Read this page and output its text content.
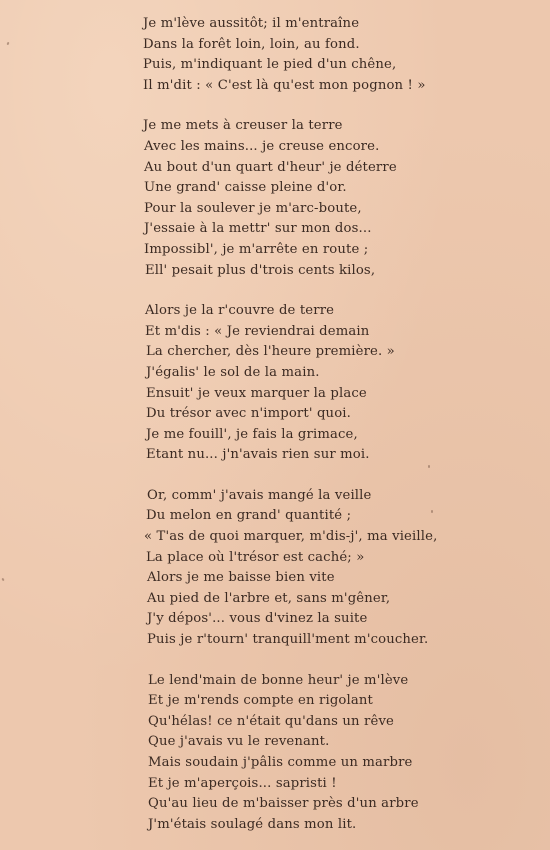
Je m'lève aussitôt; il m'entraîne
Dans la forêt loin, loin, au fond.
Puis, m'indiquant le pied d'un chêne,
Il m'dit : « C'est là qu'est mon pognon ! »
Je me mets à creuser la terre
Avec les mains... je creuse encore.
Au bout d'un quart d'heur' je déterre
Une grand' caisse pleine d'or.
Pour la soulever je m'arc-boute,
J'essaie à la mettr' sur mon dos...
Impossibl', je m'arrête en route ;
Ell' pesait plus d'trois cents kilos,
Alors je la r'couvre de terre
Et m'dis : « Je reviendrai demain
La chercher, dès l'heure première. »
J'égalis' le sol de la main.
Ensuit' je veux marquer la place
Du trésor avec n'import' quoi.
Je me fouill', je fais la grimace,
Etant nu... j'n'avais rien sur moi.
Or, comm' j'avais mangé la veille
Du melon en grand' quantité ;
« T'as de quoi marquer, m'dis-j', ma vieille,
La place où l'trésor est caché; »
Alors je me baisse bien vite
Au pied de l'arbre et, sans m'gêner,
J'y dépos'... vous d'vinez la suite
Puis je r'tourn' tranquill'ment m'coucher.
Le lend'main de bonne heur' je m'lève
Et je m'rends compte en rigolant
Qu'hélas! ce n'était qu'dans un rêve
Que j'avais vu le revenant.
Mais soudain j'pâlis comme un marbre
Et je m'aperçois... sapristi !
Qu'au lieu de m'baisser près d'un arbre
J'm'étais soulagé dans mon lit.
